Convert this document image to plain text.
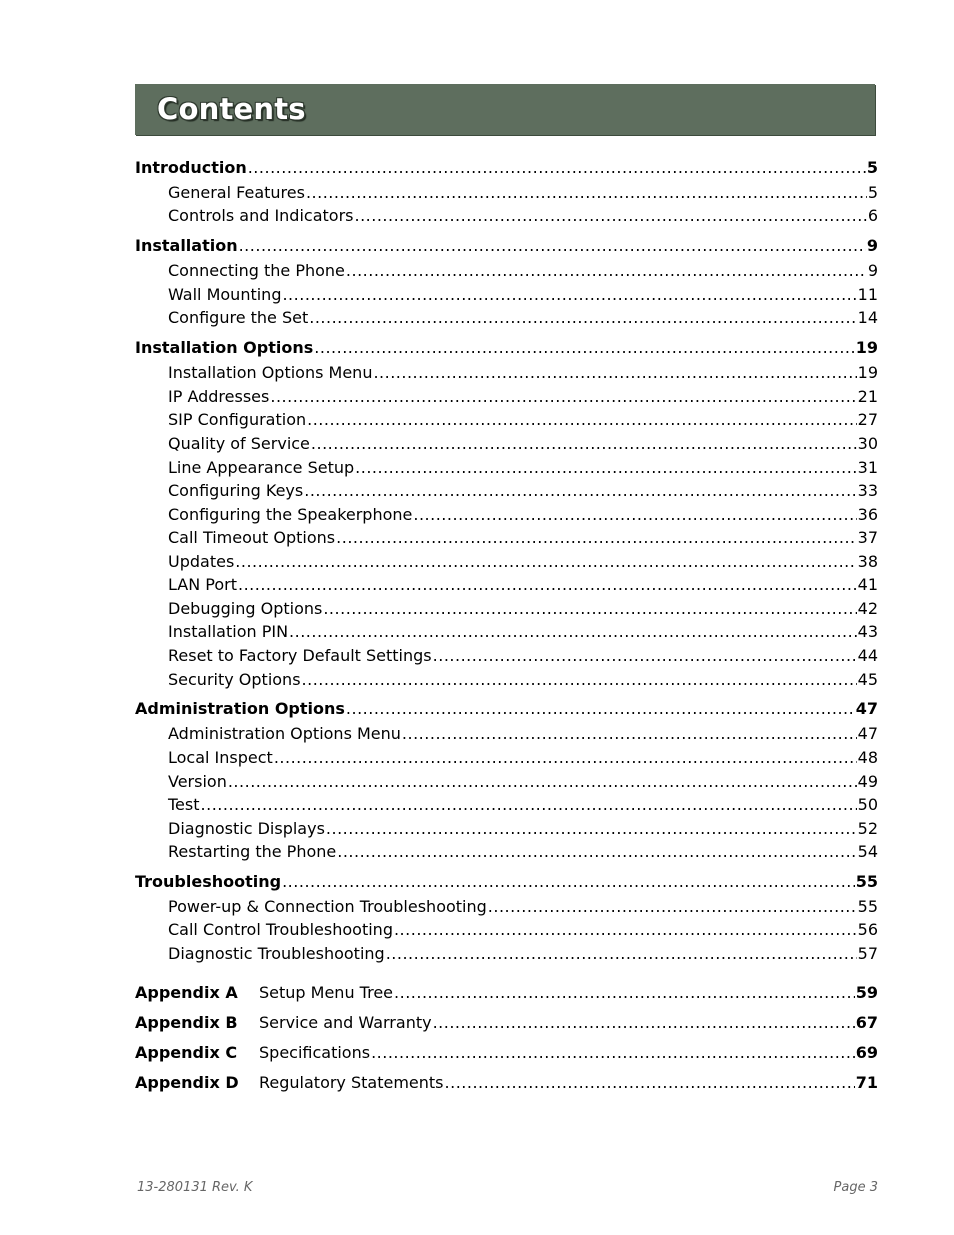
Contents
Introduction .....	5
General Features .....	5
Controls and Indicators .....	6
Installation .....	9
Connecting the Phone .....	9
Wall Mounting .....	11
Configure the Set .....	14
Installation Options .....	19
Installation Options Menu .....	19
IP Addresses .....	21
SIP Configuration .....	27
Quality of Service .....	30
Line Appearance Setup .....	31
Configuring Keys .....	33
Configuring the Speakerphone .....	36
Call Timeout Options .....	37
Updates .....	38
LAN Port .....	41
Debugging Options .....	42
Installation PIN .....	43
Reset to Factory Default Settings .....	44
Security Options .....	45
Administration Options .....	47
Administration Options Menu .....	47
Local Inspect .....	48
Version .....	49
Test .....	50
Diagnostic Displays .....	52
Restarting the Phone .....	54
Troubleshooting .....	55
Power-up & Connection Troubleshooting .....	55
Call Control Troubleshooting .....	56
Diagnostic Troubleshooting .....	57
Appendix A	Setup Menu Tree .....	59
Appendix B	Service and Warranty .....	67
Appendix C	Specifications .....	69
Appendix D	Regulatory Statements .....	71
13-280131 Rev. K	Page 3
